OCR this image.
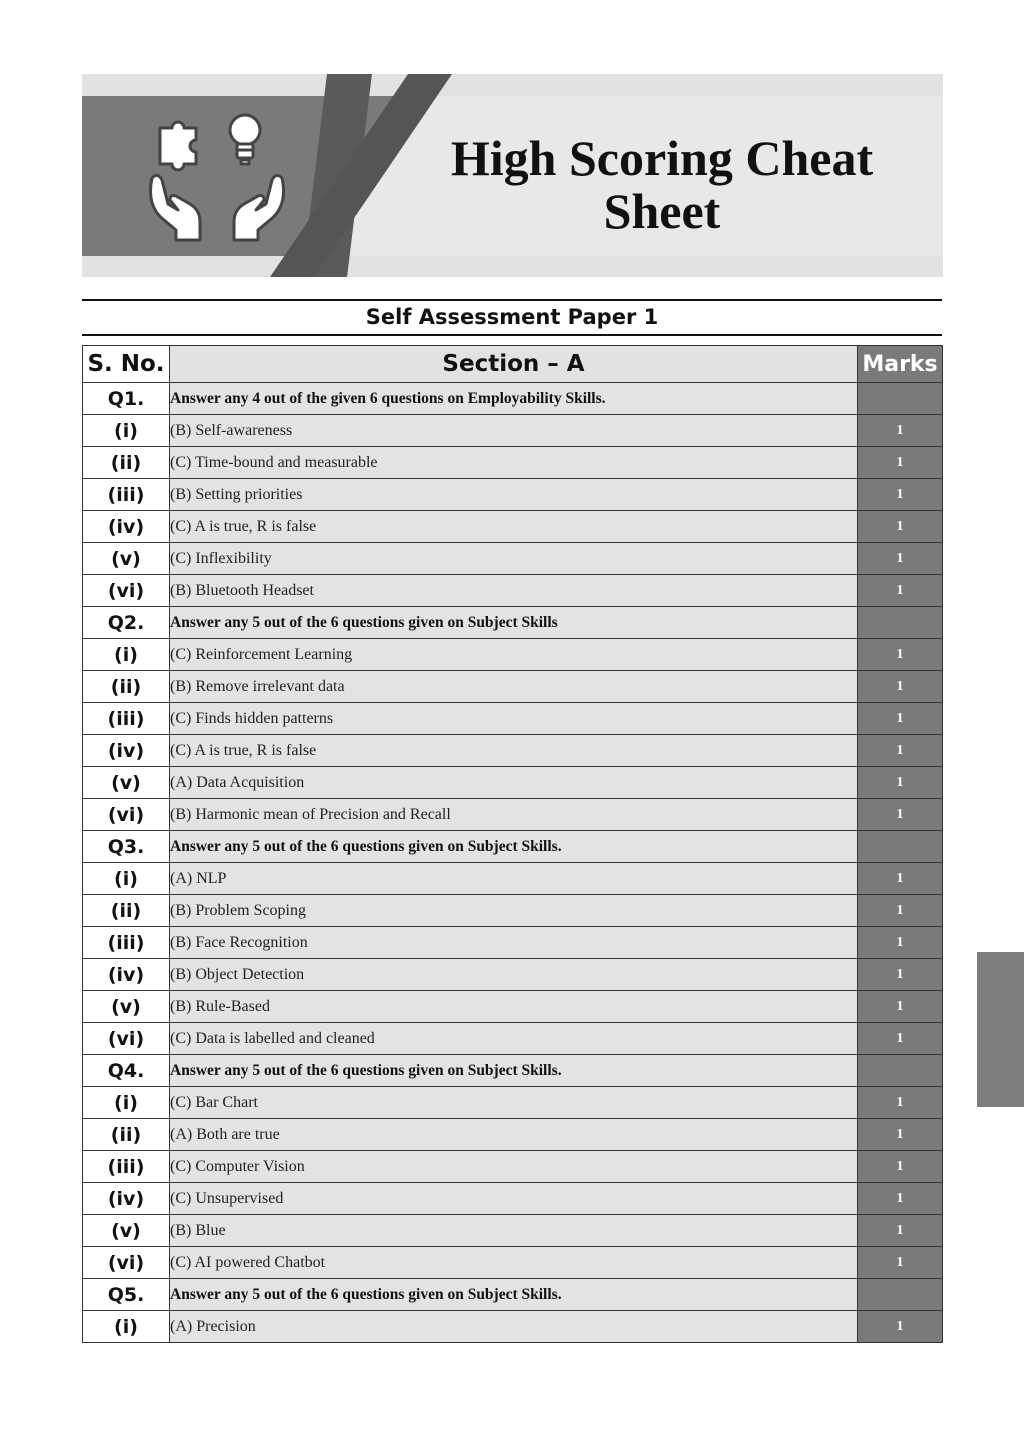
High Scoring Cheat
Sheet
Self Assessment Paper 1
S. No.	Section – A	Marks
Q1.	Answer any 4 out of the given 6 questions on Employability Skills.	
(i)	(B) Self-awareness	1
(ii)	(C) Time-bound and measurable	1
(iii)	(B) Setting priorities	1
(iv)	(C) A is true, R is false	1
(v)	(C) Inflexibility	1
(vi)	(B) Bluetooth Headset	1
Q2.	Answer any 5 out of the 6 questions given on Subject Skills	
(i)	(C) Reinforcement Learning	1
(ii)	(B) Remove irrelevant data	1
(iii)	(C) Finds hidden patterns	1
(iv)	(C) A is true, R is false	1
(v)	(A) Data Acquisition	1
(vi)	(B) Harmonic mean of Precision and Recall	1
Q3.	Answer any 5 out of the 6 questions given on Subject Skills.	
(i)	(A) NLP	1
(ii)	(B) Problem Scoping	1
(iii)	(B) Face Recognition	1
(iv)	(B) Object Detection	1
(v)	(B) Rule-Based	1
(vi)	(C) Data is labelled and cleaned	1
Q4.	Answer any 5 out of the 6 questions given on Subject Skills.	
(i)	(C) Bar Chart	1
(ii)	(A) Both are true	1
(iii)	(C) Computer Vision	1
(iv)	(C) Unsupervised	1
(v)	(B) Blue	1
(vi)	(C) AI powered Chatbot	1
Q5.	Answer any 5 out of the 6 questions given on Subject Skills.	
(i)	(A) Precision	1
